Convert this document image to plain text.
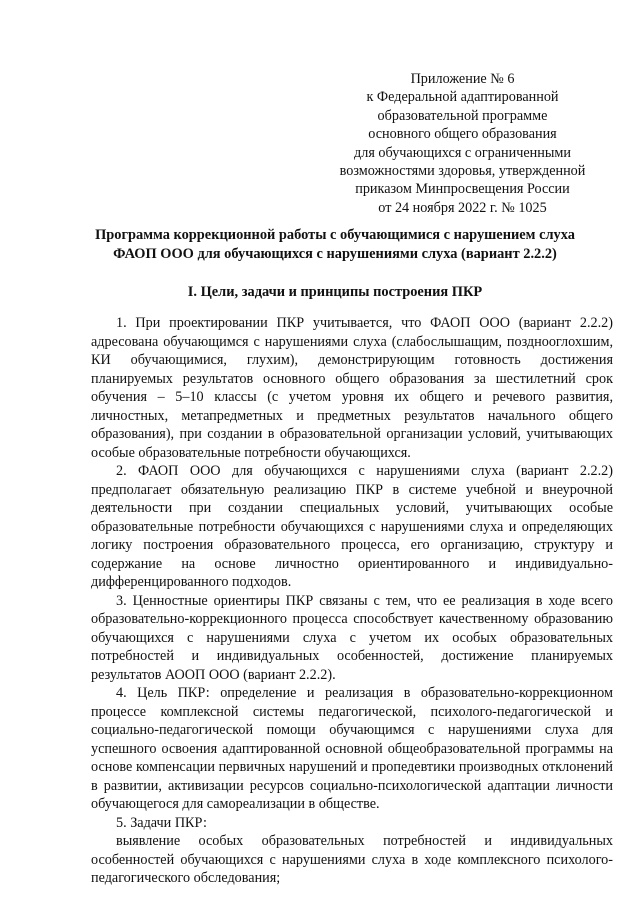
Приложение № 6
к Федеральной адаптированной
образовательной программе
основного общего образования
для обучающихся с ограниченными
возможностями здоровья, утвержденной
приказом Минпросвещения России
от 24 ноября 2022 г. № 1025
Программа коррекционной работы с обучающимися с нарушением слуха
ФАОП ООО для обучающихся с нарушениями слуха (вариант 2.2.2)
I. Цели, задачи и принципы построения ПКР

1. При проектировании ПКР учитывается, что ФАОП ООО (вариант 2.2.2) адресована обучающимся с нарушениями слуха (слабослышащим, позднооглохшим, КИ обучающимися, глухим), демонстрирующим готовность достижения планируемых результатов основного общего образования за шестилетний срок обучения – 5–10 классы (с учетом уровня их общего и речевого развития, личностных, метапредметных и предметных результатов начального общего образования), при создании в образовательной организации условий, учитывающих особые образовательные потребности обучающихся.

2. ФАОП ООО для обучающихся с нарушениями слуха (вариант 2.2.2) предполагает обязательную реализацию ПКР в системе учебной и внеурочной деятельности при создании специальных условий, учитывающих особые образовательные потребности обучающихся с нарушениями слуха и определяющих логику построения образовательного процесса, его организацию, структуру и содержание на основе личностно ориентированного и индивидуально-дифференцированного подходов.

3. Ценностные ориентиры ПКР связаны с тем, что ее реализация в ходе всего образовательно-коррекционного процесса способствует качественному образованию обучающихся с нарушениями слуха с учетом их особых образовательных потребностей и индивидуальных особенностей, достижение планируемых результатов АООП ООО (вариант 2.2.2).

4. Цель ПКР: определение и реализация в образовательно-коррекционном процессе комплексной системы педагогической, психолого-педагогической и социально-педагогической помощи обучающимся с нарушениями слуха для успешного освоения адаптированной основной общеобразовательной программы на основе компенсации первичных нарушений и пропедевтики производных отклонений в развитии, активизации ресурсов социально-психологической адаптации личности обучающегося для самореализации в обществе.

5. Задачи ПКР:

выявление особых образовательных потребностей и индивидуальных особенностей обучающихся с нарушениями слуха в ходе комплексного психолого-педагогического обследования;
